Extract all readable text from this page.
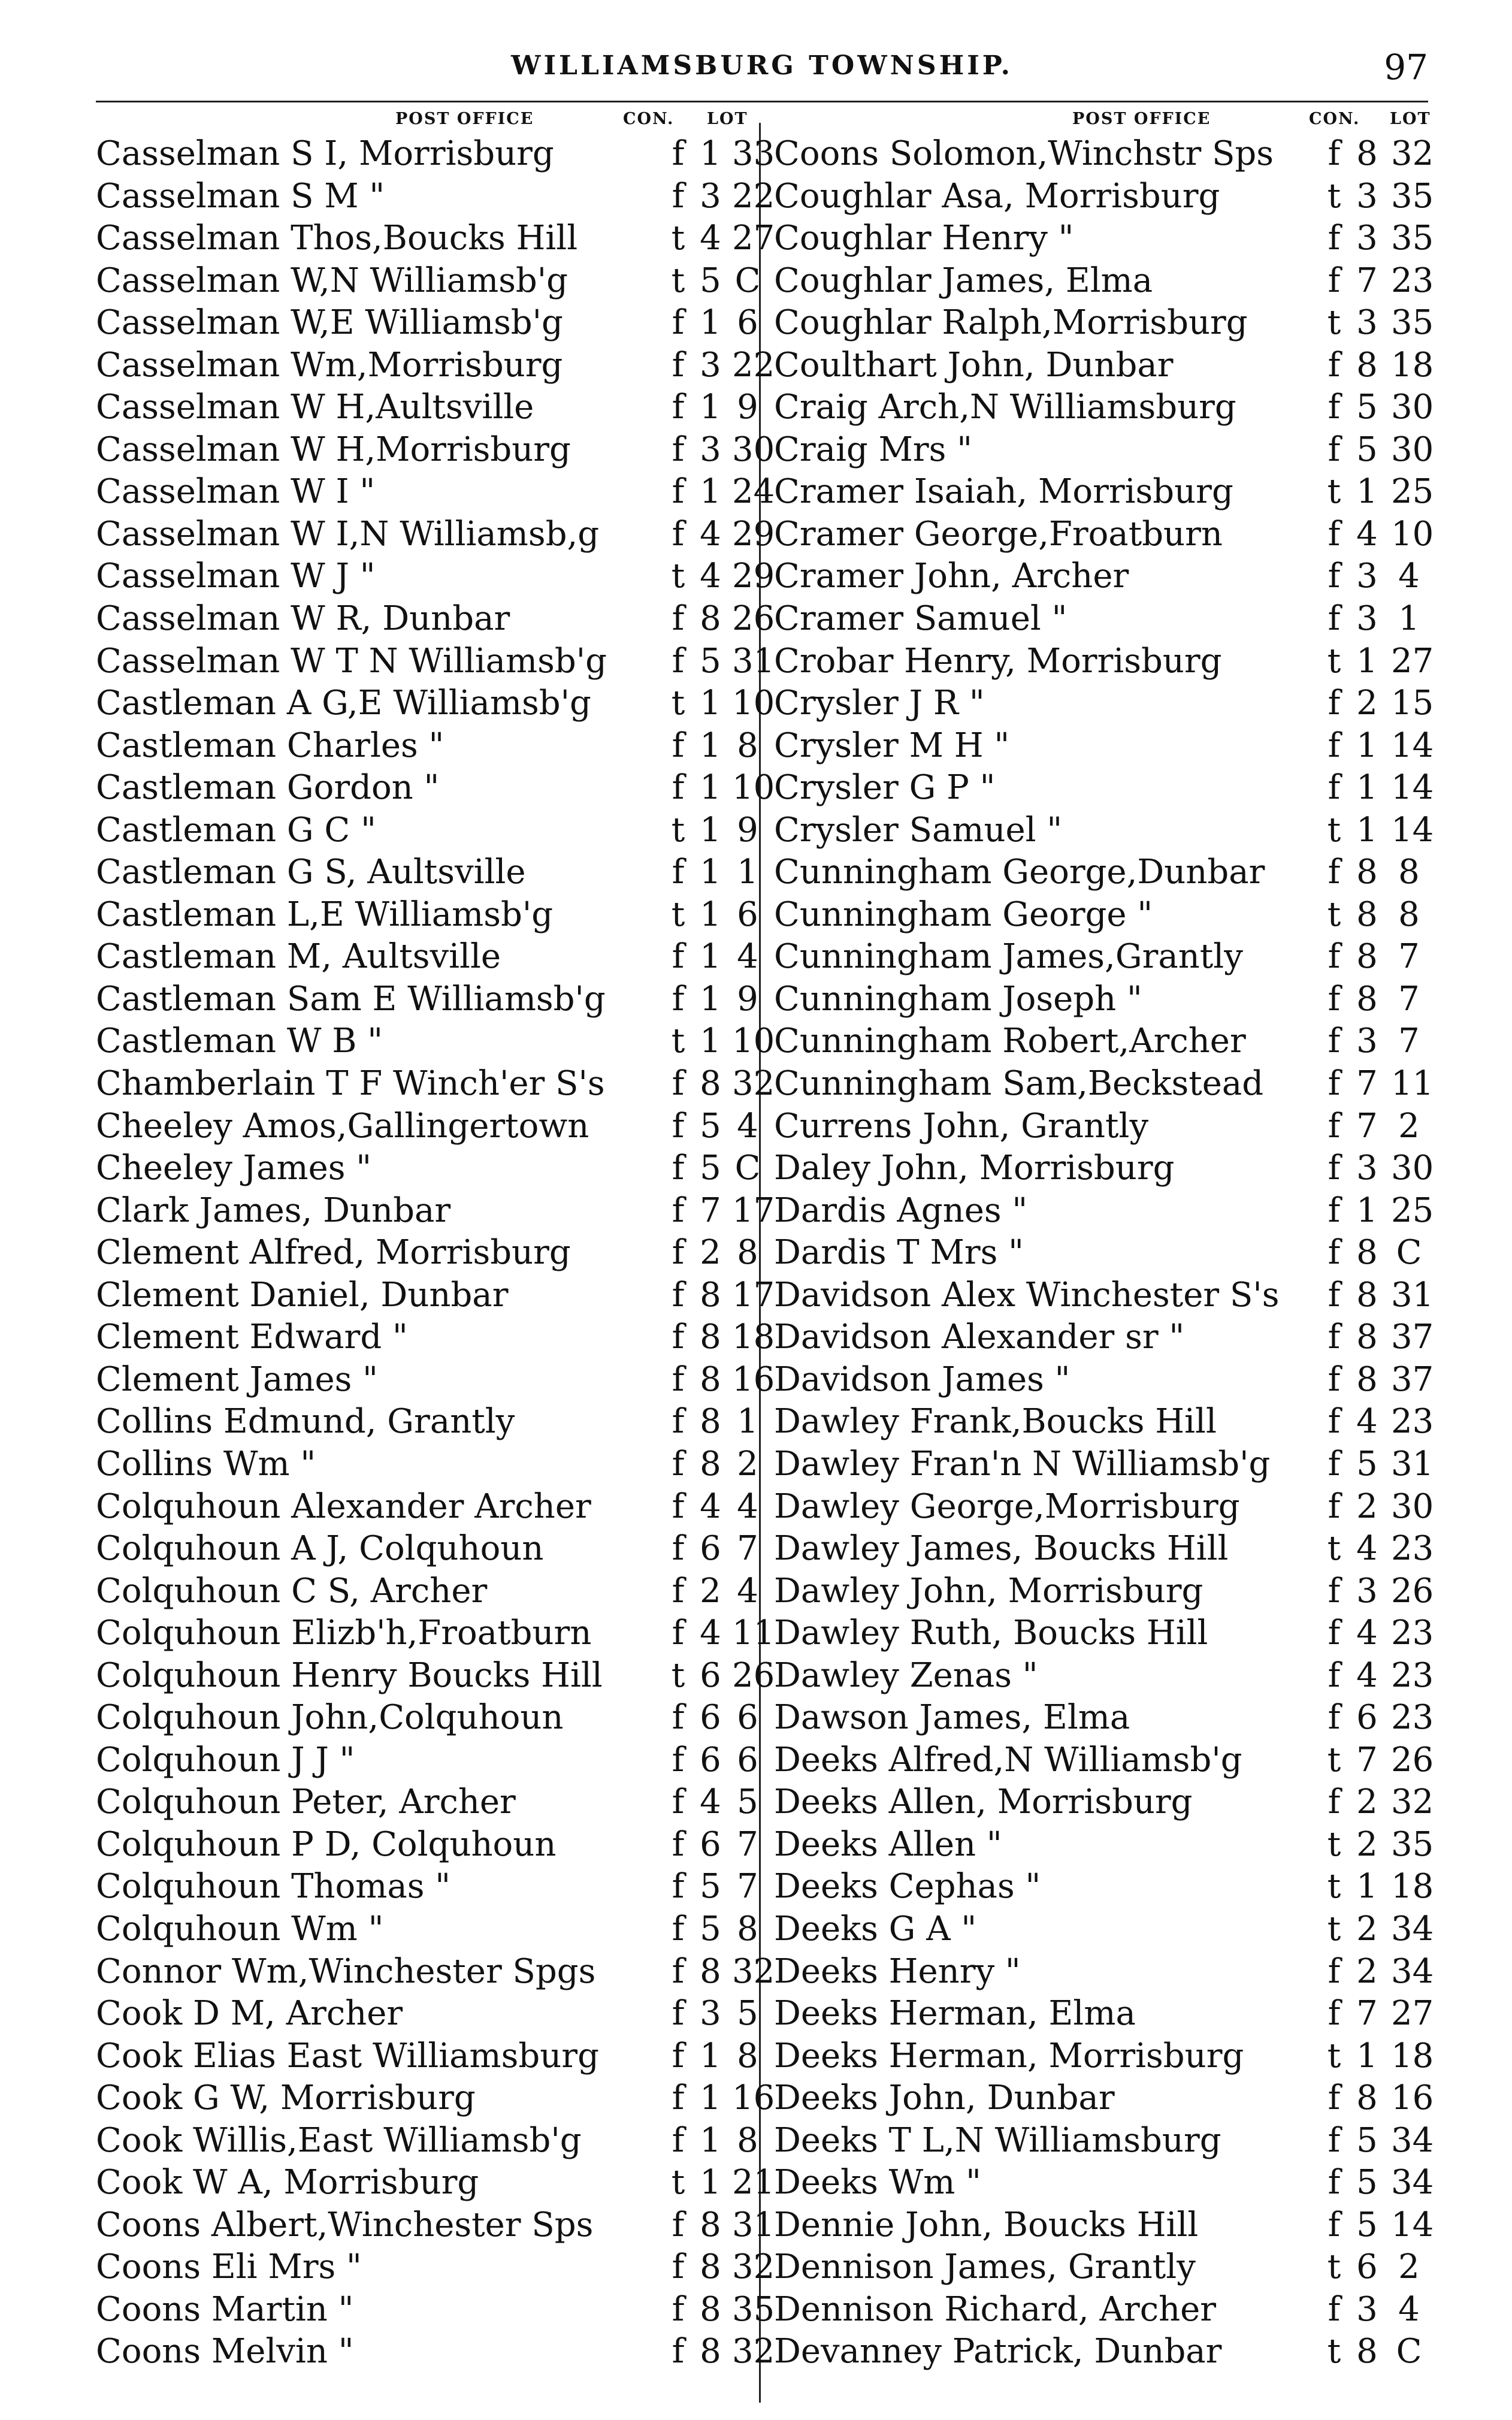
WILLIAMSBURG TOWNSHIP.	97
POST OFFICE	CON. LOT	POST OFFICE	CON. LOT
Casselman S I, Morrisburg	f 1 33
Casselman S M "	f 3 22
Casselman Thos,Boucks Hill	t 4 27
Casselman W,N Williamsb'g	t 5 C
Casselman W,E Williamsb'g	f 1 6
Casselman Wm,Morrisburg	f 3 22
Casselman W H,Aultsville	f 1 9
Casselman W H,Morrisburg	f 3 30
Casselman W I "	f 1 24
Casselman W I,N Williamsb,g f 4 29
Casselman W J "	t 4 29
Casselman W R, Dunbar	f 8 26
Casselman W T N Williamsb'g f 5 31
Castleman A G,E Williamsb'g t 1 10
Castleman Charles "	f 1 8
Castleman Gordon "	f 1 10
Castleman G C "	t 1 9
Castleman G S, Aultsville	f 1 1
Castleman L,E Williamsb'g	t 1 6
Castleman M, Aultsville	f 1 4
Castleman Sam E Williamsb'g f 1 9
Castleman W B "	t 1 10
Chamberlain T F Winch'er S's f 8 32
Cheeley Amos,Gallingertown f 5 4
Cheeley James "	f 5 C
Clark James, Dunbar	f 7 17
Clement Alfred, Morrisburg	f 2 8
Clement Daniel, Dunbar	f 8 17
Clement Edward "	f 8 18
Clement James "	f 8 16
Collins Edmund, Grantly	f 8 1
Collins Wm "	f 8 2
Colquhoun Alexander Archer f 4 4
Colquhoun A J, Colquhoun	f 6 7
Colquhoun C S, Archer	f 2 4
Colquhoun Elizb'h,Froatburn f 4 11
Colquhoun Henry Boucks Hill t 6 26
Colquhoun John,Colquhoun	f 6 6
Colquhoun J J "	f 6 6
Colquhoun Peter, Archer	f 4 5
Colquhoun P D, Colquhoun	f 6 7
Colquhoun Thomas "	f 5 7
Colquhoun Wm "	f 5 8
Connor Wm,Winchester Spgs f 8 32
Cook D M, Archer	f 3 5
Cook Elias East Williamsburg f 1 8
Cook G W, Morrisburg	f 1 16
Cook Willis,East Williamsb'g	f 1 8
Cook W A, Morrisburg	t 1 21
Coons Albert,Winchester Sps f 8 31
Coons Eli Mrs "	f 8 32
Coons Martin "	f 8 35
Coons Melvin "	f 8 32
Coons Solomon,Winchstr Sps f 8 32
Coughlar Asa, Morrisburg	t 3 35
Coughlar Henry "	f 3 35
Coughlar James, Elma	f 7 23
Coughlar Ralph,Morrisburg t 3 35
Coulthart John, Dunbar	f 8 18
Craig Arch,N Williamsburg	f 5 30
Craig Mrs "	f 5 30
Cramer Isaiah, Morrisburg	t 1 25
Cramer George,Froatburn	f 4 10
Cramer John, Archer	f 3 4
Cramer Samuel "	f 3 1
Crobar Henry, Morrisburg	t 1 27
Crysler J R "	f 2 15
Crysler M H "	f 1 14
Crysler G P "	f 1 14
Crysler Samuel "	t 1 14
Cunningham George,Dunbar f 8 8
Cunningham George "	t 8 8
Cunningham James,Grantly	f 8 7
Cunningham Joseph "	f 8 7
Cunningham Robert,Archer f 3 7
Cunningham Sam,Beckstead f 7 11
Currens John, Grantly	f 7 2
Daley John, Morrisburg	f 3 30
Dardis Agnes "	f 1 25
Dardis T Mrs "	f 8 C
Davidson Alex Winchester S's f 8 31
Davidson Alexander sr "	f 8 37
Davidson James "	f 8 37
Dawley Frank,Boucks Hill	f 4 23
Dawley Fran'n N Williamsb'g f 5 31
Dawley George,Morrisburg	f 2 30
Dawley James, Boucks Hill	t 4 23
Dawley John, Morrisburg	f 3 26
Dawley Ruth, Boucks Hill	f 4 23
Dawley Zenas "	f 4 23
Dawson James, Elma	f 6 23
Deeks Alfred,N Williamsb'g	t 7 26
Deeks Allen, Morrisburg	f 2 32
Deeks Allen "	t 2 35
Deeks Cephas "	t 1 18
Deeks G A "	t 2 34
Deeks Henry "	f 2 34
Deeks Herman, Elma	f 7 27
Deeks Herman, Morrisburg t 1 18
Deeks John, Dunbar	f 8 16
Deeks T L,N Williamsburg	f 5 34
Deeks Wm "	f 5 34
Dennie John, Boucks Hill	f 5 14
Dennison James, Grantly	t 6 2
Dennison Richard, Archer	f 3 4
Devanney Patrick, Dunbar	t 8 C
